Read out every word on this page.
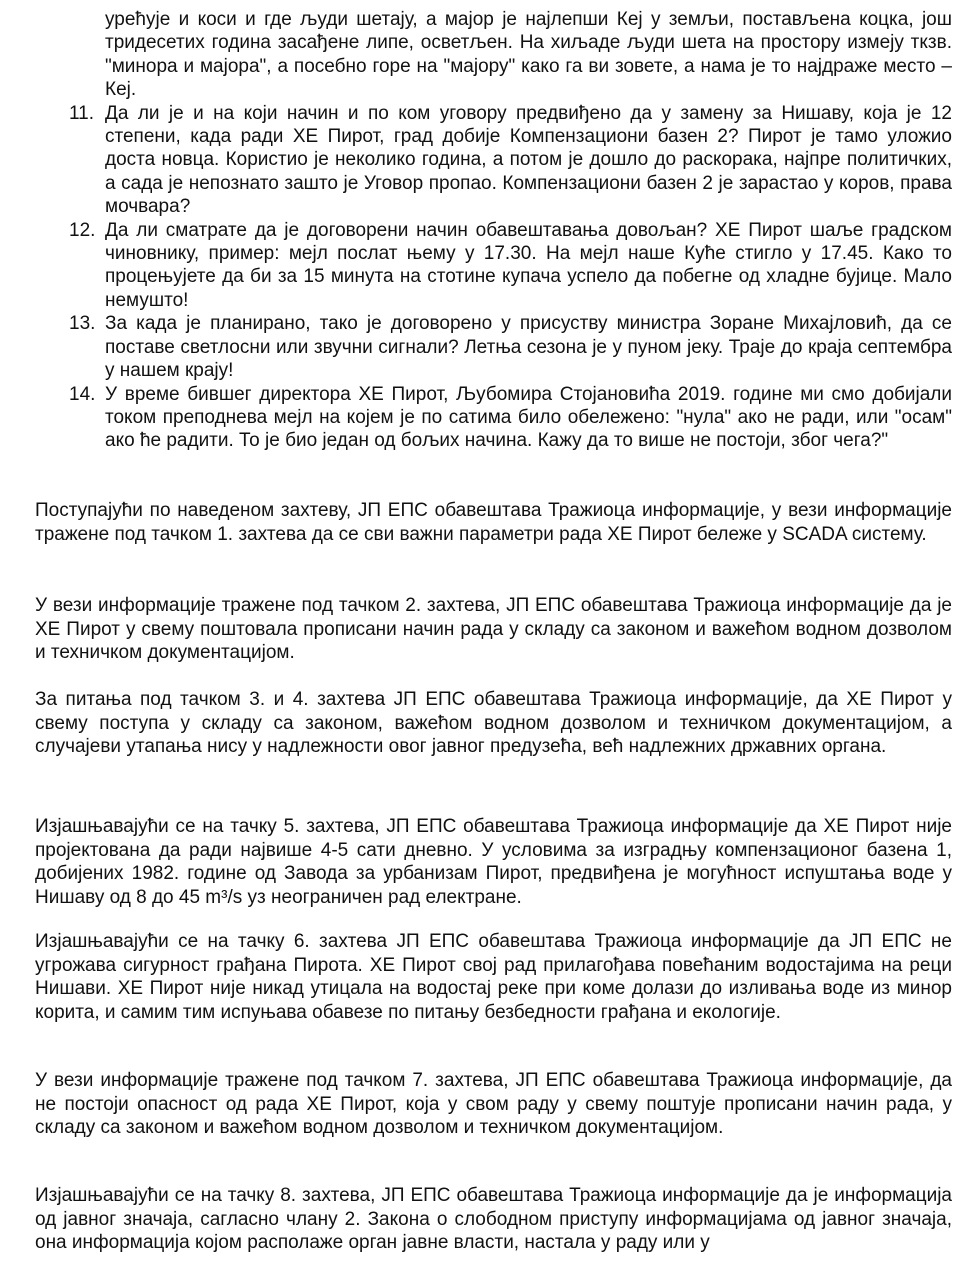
урећује и коси и где људи шетају, а мајор је најлепши Кеј у земљи, постављена коцка, још тридесетих година засађене липе, осветљен. На хиљаде људи шета на простору измеју ткзв. "минора и мајора", а посебно горе на "мајору" како га ви зовете, а нама је то најдраже место – Кеј.
11. Да ли је и на који начин и по ком уговору предвиђено да у замену за Нишаву, која је 12 степени, када ради ХЕ Пирот, град добије Компензациони базен 2? Пирот је тамо уложио доста новца. Користио је неколико година, а потом је дошло до раскорака, најпре политичких, а сада је непознато зашто је Уговор пропао. Компензациони базен 2 је зарастао у коров, права мочвара?
12. Да ли сматрате да је договорени начин обавештавања довољан? ХЕ Пирот шаље градском чиновнику, пример: мејл послат њему у 17.30. На мејл наше Куће стигло у 17.45. Како то процењујете да би за 15 минута на стотине купача успело да побегне од хладне бујице. Мало немушто!
13. За када је планирано, тако је договорено у присуству министра Зоране Михајловић, да се поставе светлосни или звучни сигнали? Летња сезона је у пуном јеку. Траје до краја септембра у нашем крају!
14. У време бившег директора ХЕ Пирот, Љубомира Стојановића 2019. године ми смо добијали током преподнева мејл на којем је по сатима било обележено: "нула" ако не ради, или "осам" ако ће радити. То је био један од бољих начина. Кажу да то више не постоји, због чега?"

Поступајући по наведеном захтеву, ЈП ЕПС обавештава Тражиоца информације, у вези информације тражене под тачком 1. захтева да се сви важни параметри рада ХЕ Пирот бележе у SCADA систему.

У вези информације тражене под тачком 2. захтева, ЈП ЕПС обавештава Тражиоца информације да је ХЕ Пирот у свему поштовала прописани начин рада у складу са законом и важећом водном дозволом и техничком документацијом.

За питања под тачком 3. и 4. захтева ЈП ЕПС обавештава Тражиоца информације, да ХЕ Пирот у свему поступа у складу са законом, важећом водном дозволом и техничком документацијом, а случајеви утапања нису у надлежности овог јавног предузећа, већ надлежних државних органа.

Изјашњавајући се на тачку 5. захтева, ЈП ЕПС обавештава Тражиоца информације да ХЕ Пирот није пројектована да ради највише 4-5 сати дневно. У условима за изградњу компензационог базена 1, добијених 1982. године од Завода за урбанизам Пирот, предвиђена је могућност испуштања воде у Нишаву од 8 до 45 m³/s уз неограничен рад електране.

Изјашњавајући се на тачку 6. захтева ЈП ЕПС обавештава Тражиоца информације да ЈП ЕПС не угрожава сигурност грађана Пирота. ХЕ Пирот свој рад прилагођава повећаним водостајима на реци Нишави. ХЕ Пирот није никад утицала на водостај реке при коме долази до изливања воде из минор корита, и самим тим испуњава обавезе по питању безбедности грађана и екологије.

У вези информације тражене под тачком 7. захтева, ЈП ЕПС обавештава Тражиоца информације, да не постоји опасност од рада ХЕ Пирот, која у свом раду у свему поштује прописани начин рада, у складу са законом и важећом водном дозволом и техничком документацијом.

Изјашњавајући се на тачку 8. захтева, ЈП ЕПС обавештава Тражиоца информације да је информација од јавног значаја, сагласно члану 2. Закона о слободном приступу информацијама од јавног значаја, она информација којом располаже орган јавне власти, настала у раду или у
